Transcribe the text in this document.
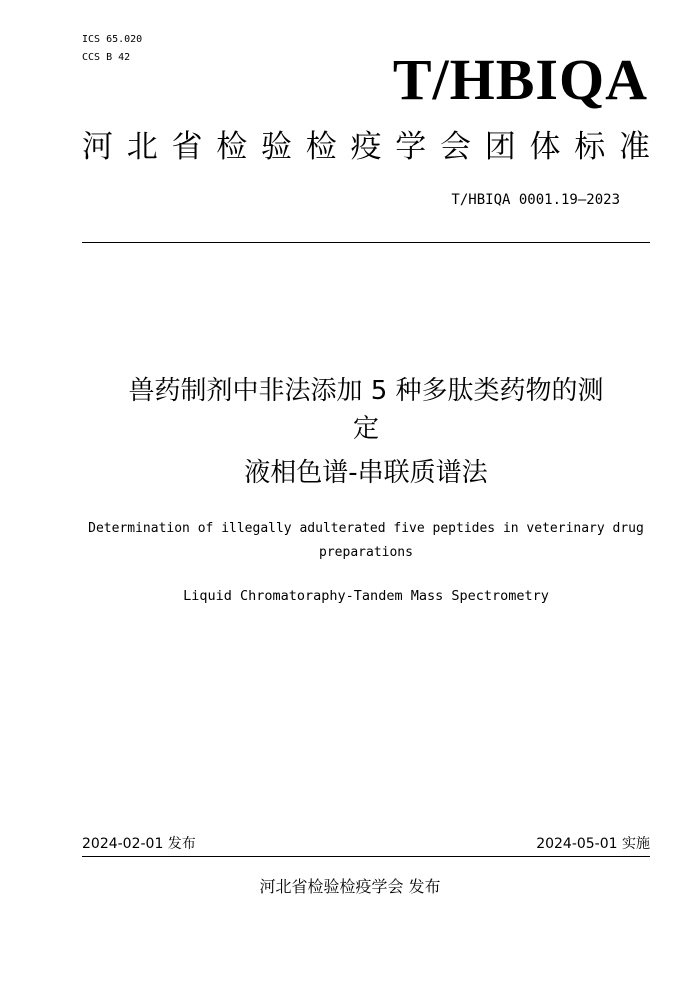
ICS 65.020
CCS B 42	T/HBIQA
河 北 省 检 验 检 疫 学 会 团 体 标 准
T/HBIQA 0001.19—2023
兽药制剂中非法添加 5 种多肽类药物的测
定
液相色谱-串联质谱法
Determination of illegally adulterated five peptides in veterinary drug
preparations
Liquid Chromatoraphy-Tandem Mass Spectrometry
2024-02-01 发布	2024-05-01 实施
河北省检验检疫学会 发布
